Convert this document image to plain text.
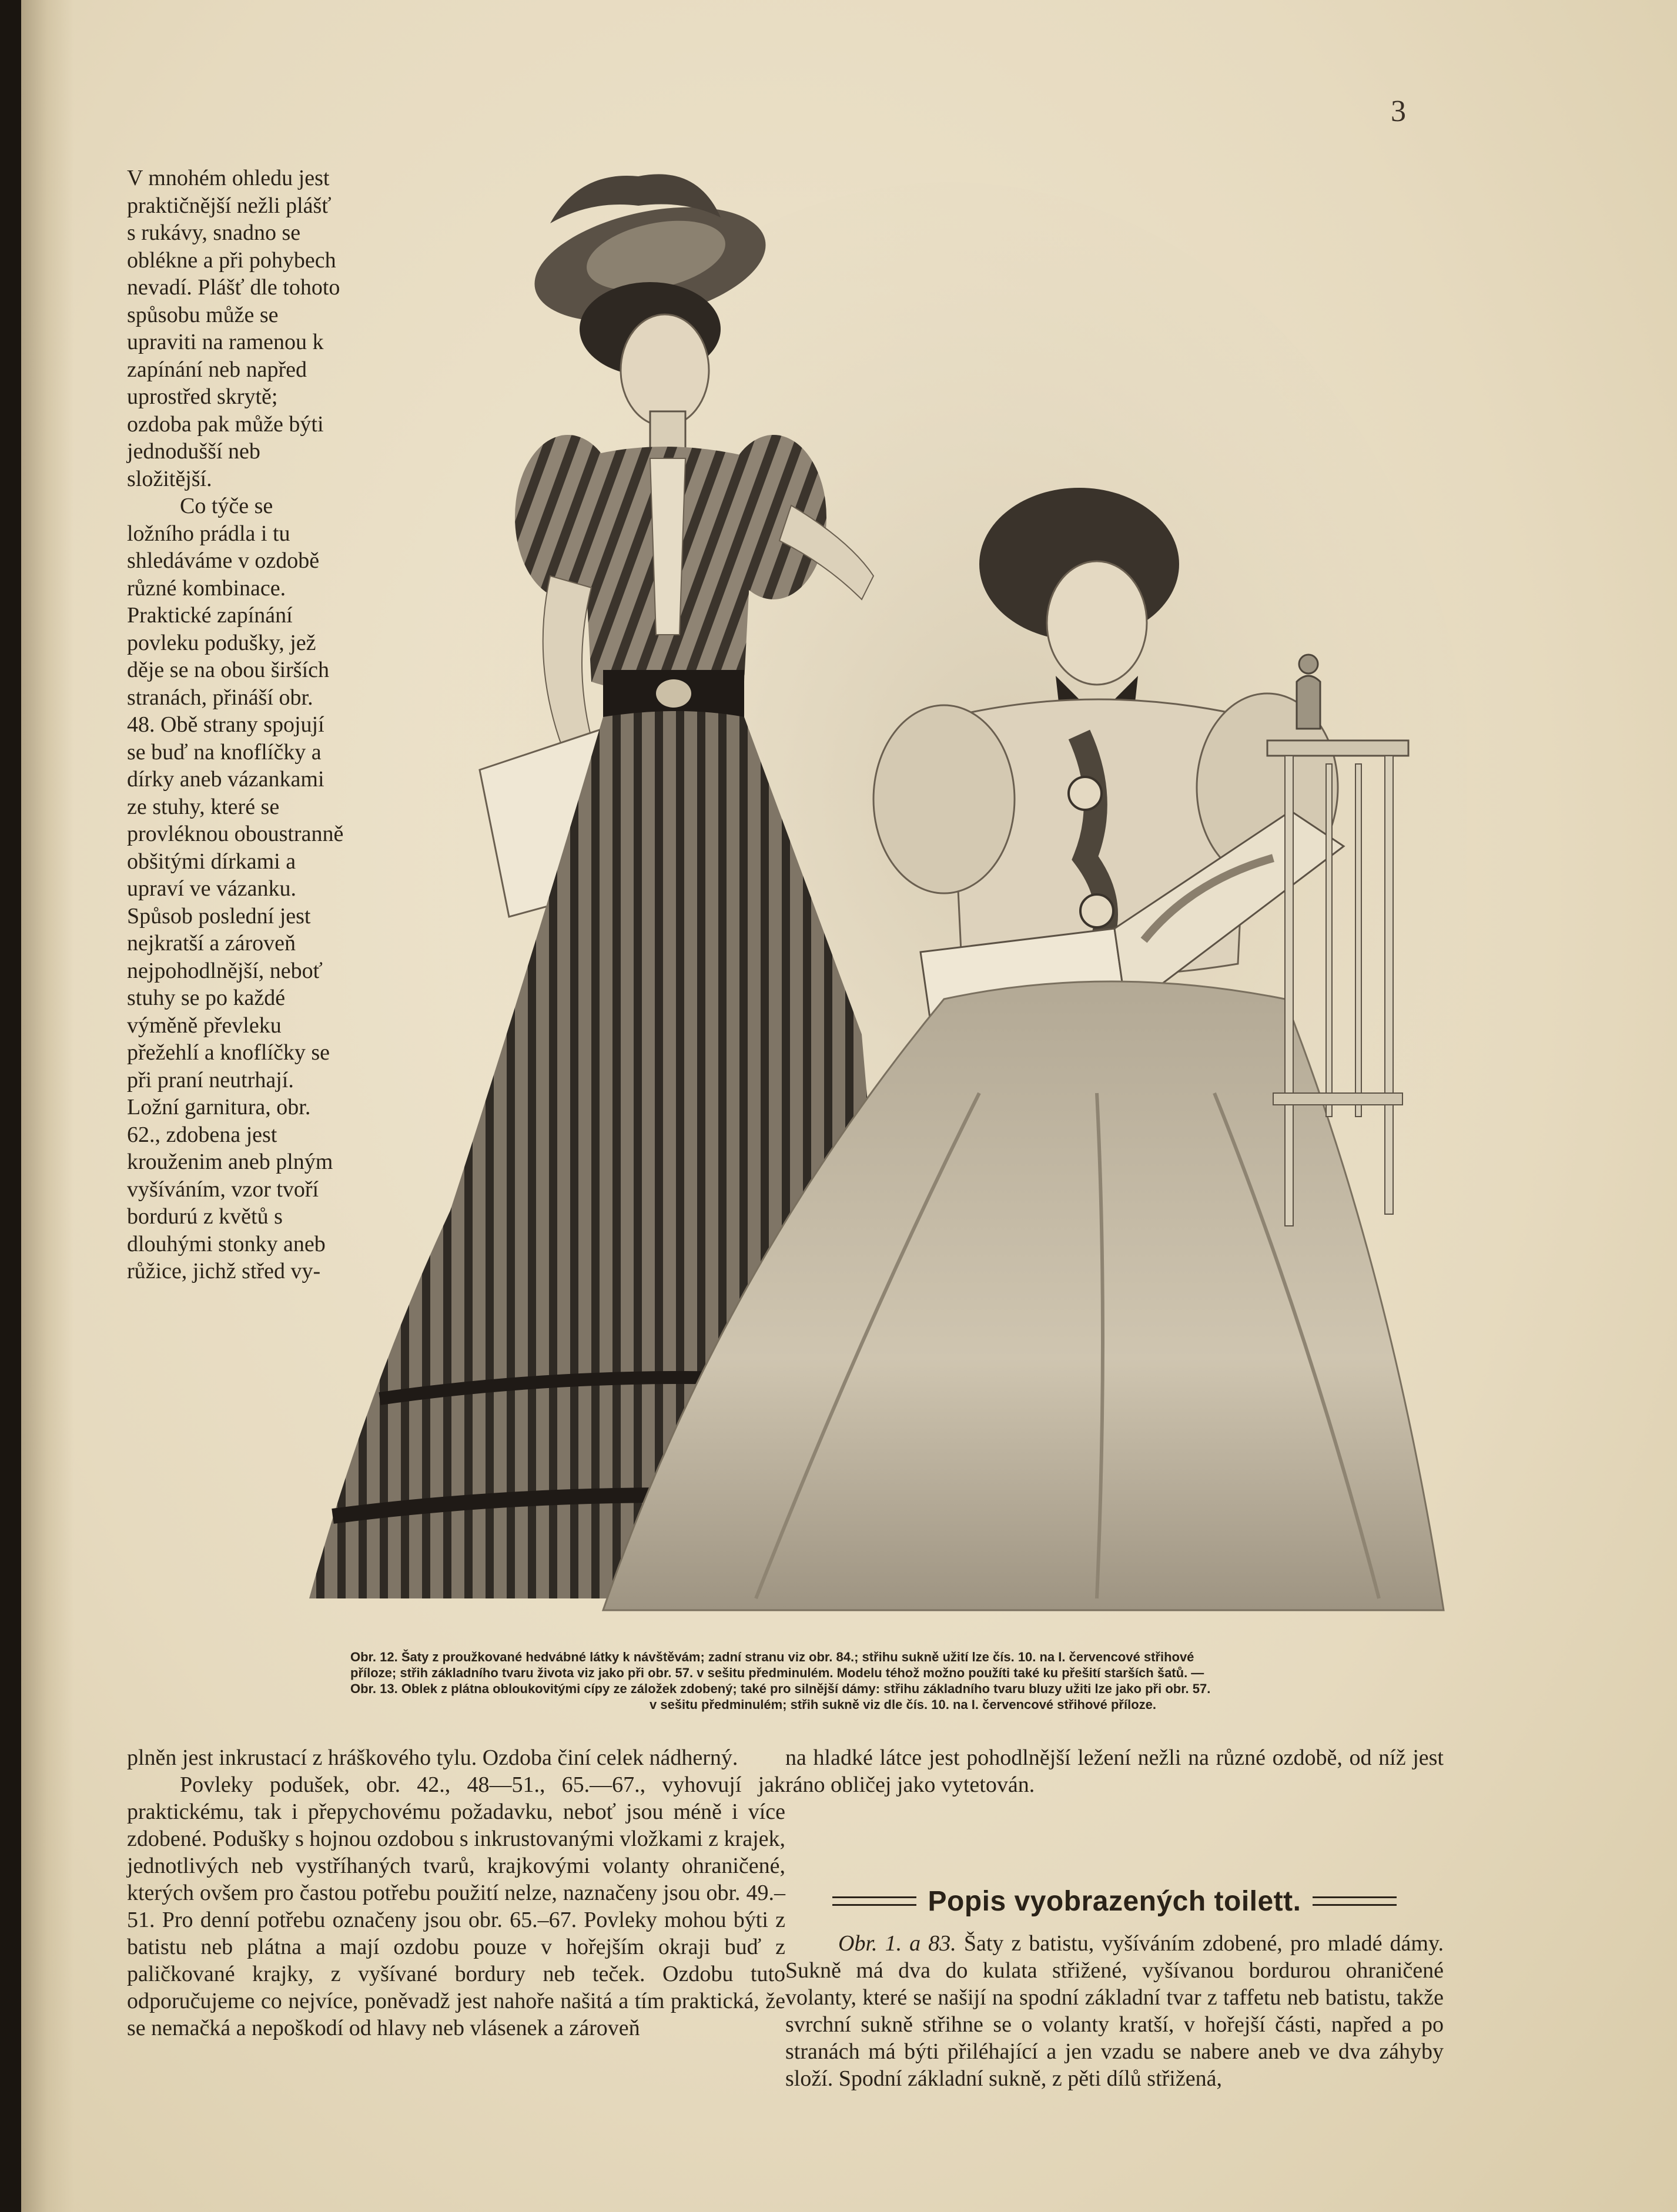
3

V mnohém ohledu jest praktičnější nežli plášť s rukávy, snadno se oblékne a při pohybech nevadí. Plášť dle tohoto spůsobu může se upraviti na ramenou k zapínání neb napřed uprostřed skrytě; ozdoba pak může býti jednodušší neb složitější.

Co týče se ložního prádla i tu shledáváme v ozdobě různé kombinace. Praktické zapínání povleku podušky, jež děje se na obou širších stranách, přináší obr. 48. Obě strany spojují se buď na knoflíčky a dírky aneb vázankami ze stuhy, které se provléknou oboustranně obšitými dírkami a upraví ve vázanku. Spůsob poslední jest nejkratší a zároveň nejpohodlnější, neboť stuhy se po každé výměně převleku přežehlí a knoflíčky se při praní neutrhají. Ložní garnitura, obr. 62., zdobena jest krouženim aneb plným vyšíváním, vzor tvoří bordurú z květů s dlouhými stonky aneb růžice, jichž střed vy-

Obr. 12. Šaty z proužkované hedvábné látky k návštěvám; zadní stranu viz obr. 84.; střihu sukně užití lze čís. 10. na I. červencové střihové
příloze; střih základního tvaru života viz jako při obr. 57. v sešitu předminulém. Modelu téhož možno použíti také ku přešití starších šatů. —
Obr. 13. Oblek z plátna obloukovitými cípy ze záložek zdobený; také pro silnější dámy: střihu základního tvaru bluzy užiti lze jako při obr. 57.
v sešitu předminulém; střih sukně viz dle čís. 10. na I. červencové střihové příloze.

plněn jest inkrustací z hráškového tylu. Ozdoba činí celek nádherný.

Povleky podušek, obr. 42., 48—51., 65.—67., vyhovují jak praktickému, tak i přepychovému požadavku, neboť jsou méně i více zdobené. Podušky s hojnou ozdobou s inkrustovanými vložkami z krajek, jednotlivých neb vystříhaných tvarů, krajkovými volanty ohraničené, kterých ovšem pro častou potřebu použití nelze, naznačeny jsou obr. 49.–51. Pro denní potřebu označeny jsou obr. 65.–67. Povleky mohou býti z batistu neb plátna a mají ozdobu pouze v hořejším okraji buď z paličkované krajky, z vyšívané bordury neb teček. Ozdobu tuto odporučujeme co nejvíce, poněvadž jest nahoře našitá a tím praktická, že se nemačká a nepoškodí od hlavy neb vlásenek a zároveň

na hladké látce jest pohodlnější ležení nežli na různé ozdobě, od níž jest ráno obličej jako vytetován.

Popis vyobrazených toilett.

Obr. 1. a 83. Šaty z batistu, vyšíváním zdobené, pro mladé dámy. Sukně má dva do kulata střižené, vyšívanou bordurou ohraničené volanty, které se našijí na spodní základní tvar z taffetu neb batistu, takže svrchní sukně střihne se o volanty kratší, v hořejší části, napřed a po stranách má býti přiléhající a jen vzadu se nabere aneb ve dva záhyby složí. Spodní základní sukně, z pěti dílů střižená,
